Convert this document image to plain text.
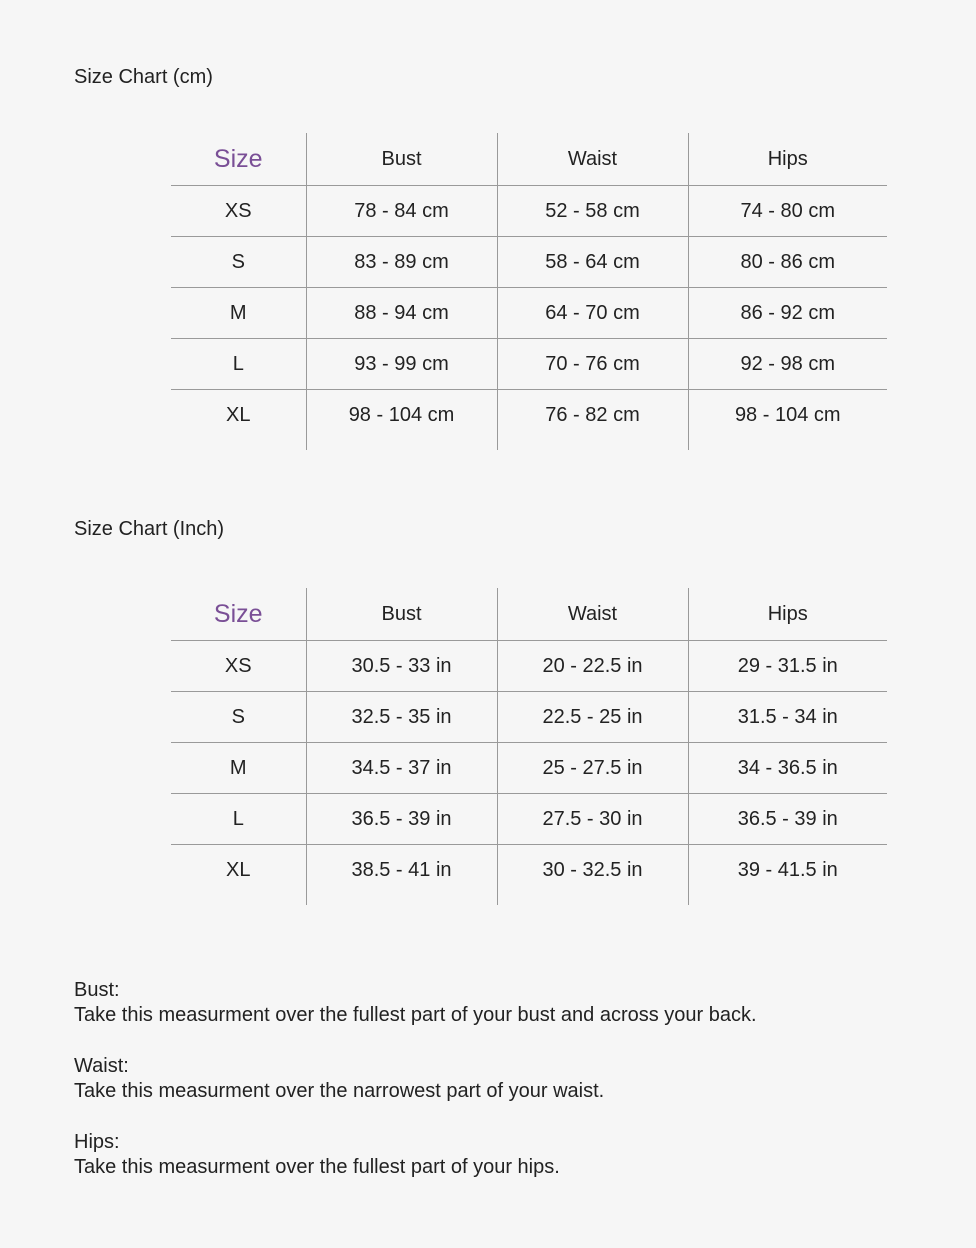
Size Chart (cm)
Size	Bust	Waist	Hips
XS	78 - 84 cm	52 - 58 cm	74 - 80 cm
S	83 - 89 cm	58 - 64 cm	80 - 86 cm
M	88 - 94 cm	64 - 70 cm	86 - 92 cm
L	93 - 99 cm	70 - 76 cm	92 - 98 cm
XL	98 - 104 cm	76 - 82 cm	98 - 104 cm
Size Chart (Inch)
Size	Bust	Waist	Hips
XS	30.5 - 33 in	20 - 22.5 in	29 - 31.5 in
S	32.5 - 35 in	22.5 - 25 in	31.5 - 34 in
M	34.5 - 37 in	25 - 27.5 in	34 - 36.5 in
L	36.5 - 39 in	27.5 - 30 in	36.5 - 39 in
XL	38.5 - 41 in	30 - 32.5 in	39 - 41.5 in

Bust:
Take this measurment over the fullest part of your bust and across your back.

Waist:
Take this measurment over the narrowest part of your waist.

Hips:
Take this measurment over the fullest part of your hips.
